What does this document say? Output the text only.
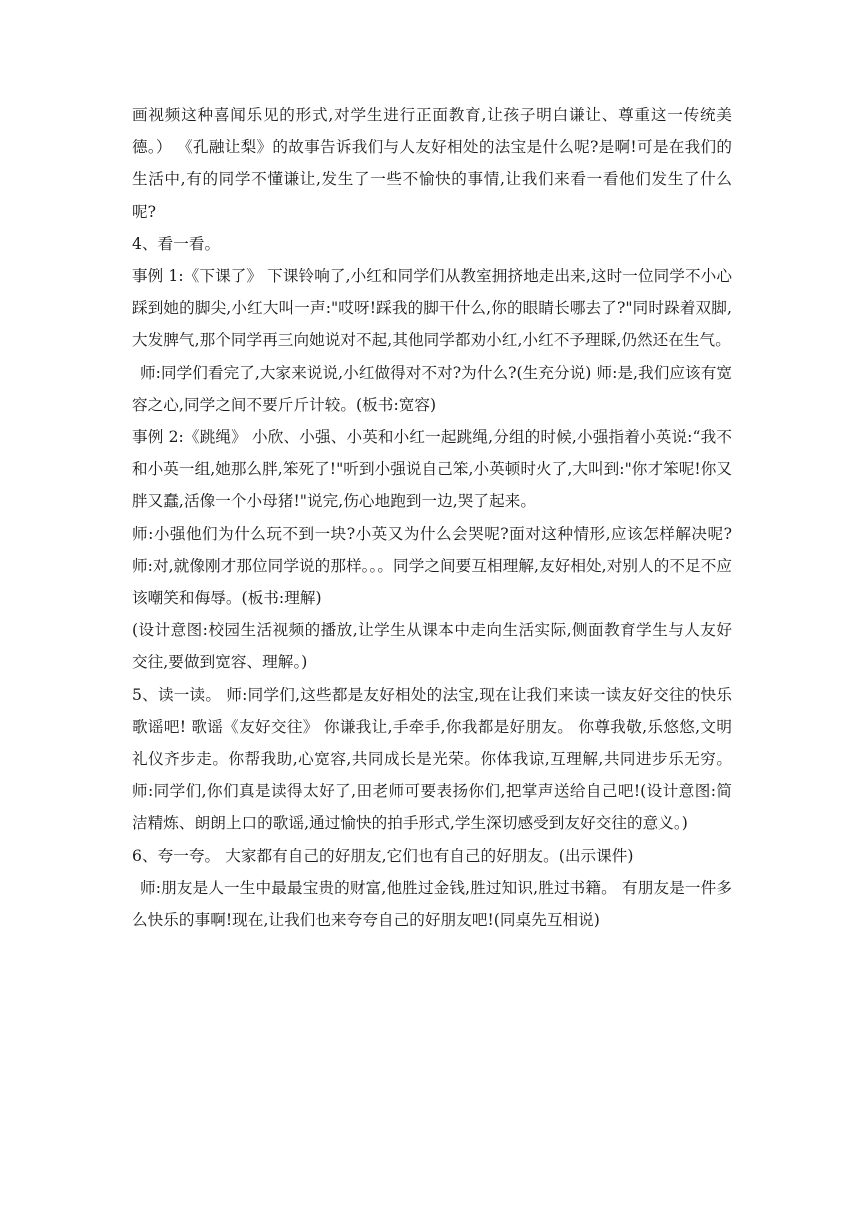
画视频这种喜闻乐见的形式,对学生进行正面教育,让孩子明白谦让、尊重这一传统美德。） 《孔融让梨》的故事告诉我们与人友好相处的法宝是什么呢?是啊!可是在我们的生活中,有的同学不懂谦让,发生了一些不愉快的事情,让我们来看一看他们发生了什么呢?

4、看一看。

事例 1:《下课了》 下课铃响了,小红和同学们从教室拥挤地走出来,这时一位同学不小心踩到她的脚尖,小红大叫一声:"哎呀!踩我的脚干什么,你的眼睛长哪去了?"同时跺着双脚,大发脾气,那个同学再三向她说对不起,其他同学都劝小红,小红不予理睬,仍然还在生气。

师:同学们看完了,大家来说说,小红做得对不对?为什么?(生充分说) 师:是,我们应该有宽容之心,同学之间不要斤斤计较。(板书:宽容)

事例 2:《跳绳》 小欣、小强、小英和小红一起跳绳,分组的时候,小强指着小英说:“我不和小英一组,她那么胖,笨死了!"听到小强说自己笨,小英顿时火了,大叫到:"你才笨呢!你又胖又蠢,活像一个小母猪!"说完,伤心地跑到一边,哭了起来。

师:小强他们为什么玩不到一块?小英又为什么会哭呢?面对这种情形,应该怎样解决呢? 师:对,就像刚才那位同学说的那样。。。同学之间要互相理解,友好相处,对别人的不足不应该嘲笑和侮辱。(板书:理解)

(设计意图:校园生活视频的播放,让学生从课本中走向生活实际,侧面教育学生与人友好交往,要做到宽容、理解。)

5、读一读。 师:同学们,这些都是友好相处的法宝,现在让我们来读一读友好交往的快乐歌谣吧! 歌谣《友好交往》 你谦我让,手牵手,你我都是好朋友。 你尊我敬,乐悠悠,文明礼仪齐步走。你帮我助,心宽容,共同成长是光荣。你体我谅,互理解,共同进步乐无穷。 师:同学们,你们真是读得太好了,田老师可要表扬你们,把掌声送给自己吧!(设计意图:简洁精炼、朗朗上口的歌谣,通过愉快的拍手形式,学生深切感受到友好交往的意义。)

6、夸一夸。 大家都有自己的好朋友,它们也有自己的好朋友。(出示课件)

师:朋友是人一生中最最宝贵的财富,他胜过金钱,胜过知识,胜过书籍。 有朋友是一件多么快乐的事啊!现在,让我们也来夸夸自己的好朋友吧!(同桌先互相说)
